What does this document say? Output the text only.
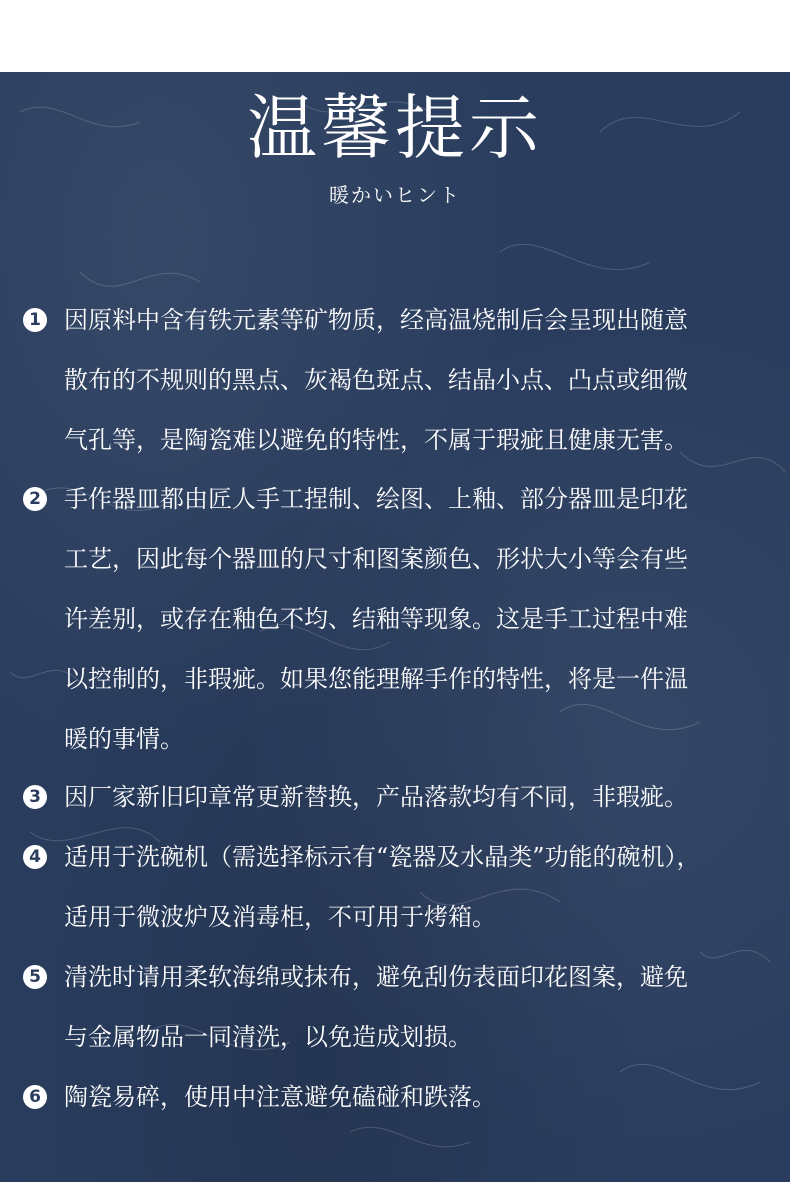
温馨提示
暖かいヒント
1 因原料中含有铁元素等矿物质，经高温烧制后会呈现出随意
散布的不规则的黑点、灰褐色斑点、结晶小点、凸点或细微
气孔等，是陶瓷难以避免的特性，不属于瑕疵且健康无害。
2 手作器皿都由匠人手工捏制、绘图、上釉、部分器皿是印花
工艺，因此每个器皿的尺寸和图案颜色、形状大小等会有些
许差别，或存在釉色不均、结釉等现象。这是手工过程中难
以控制的，非瑕疵。如果您能理解手作的特性，将是一件温
暖的事情。
3 因厂家新旧印章常更新替换，产品落款均有不同，非瑕疵。
4 适用于洗碗机（需选择标示有“瓷器及水晶类”功能的碗机），
适用于微波炉及消毒柜，不可用于烤箱。
5 清洗时请用柔软海绵或抹布，避免刮伤表面印花图案，避免
与金属物品一同清洗，以免造成划损。
6 陶瓷易碎，使用中注意避免磕碰和跌落。
